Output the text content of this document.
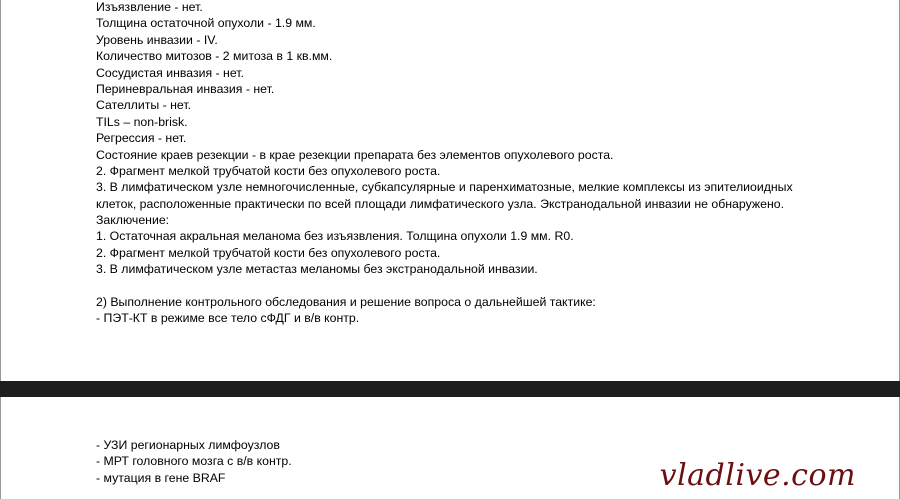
Изъязвление - нет.
Толщина остаточной опухоли - 1.9 мм.
Уровень инвазии - IV.
Количество митозов - 2 митоза в 1 кв.мм.
Сосудистая инвазия - нет.
Периневральная инвазия - нет.
Сателлиты - нет.
TILs – non-brisk.
Регрессия - нет.
Состояние краев резекции - в крае резекции препарата без элементов опухолевого роста.
2. Фрагмент мелкой трубчатой кости без опухолевого роста.
3. В лимфатическом узле немногочисленные, субкапсулярные и паренхиматозные, мелкие комплексы из эпителиоидных
клеток, расположенные практически по всей площади лимфатического узла. Экстранодальной инвазии не обнаружено.
Заключение:
1. Остаточная акральная меланома без изъязвления. Толщина опухоли 1.9 мм. R0.
2. Фрагмент мелкой трубчатой кости без опухолевого роста.
3. В лимфатическом узле метастаз меланомы без экстранодальной инвазии.
2) Выполнение контрольного обследования и решение вопроса о дальнейшей тактике:
- ПЭТ-КТ в режиме все тело сФДГ и в/в контр.
- УЗИ регионарных лимфоузлов
- МРТ головного мозга с в/в контр.
- мутация в гене BRAF	vladlive.com
